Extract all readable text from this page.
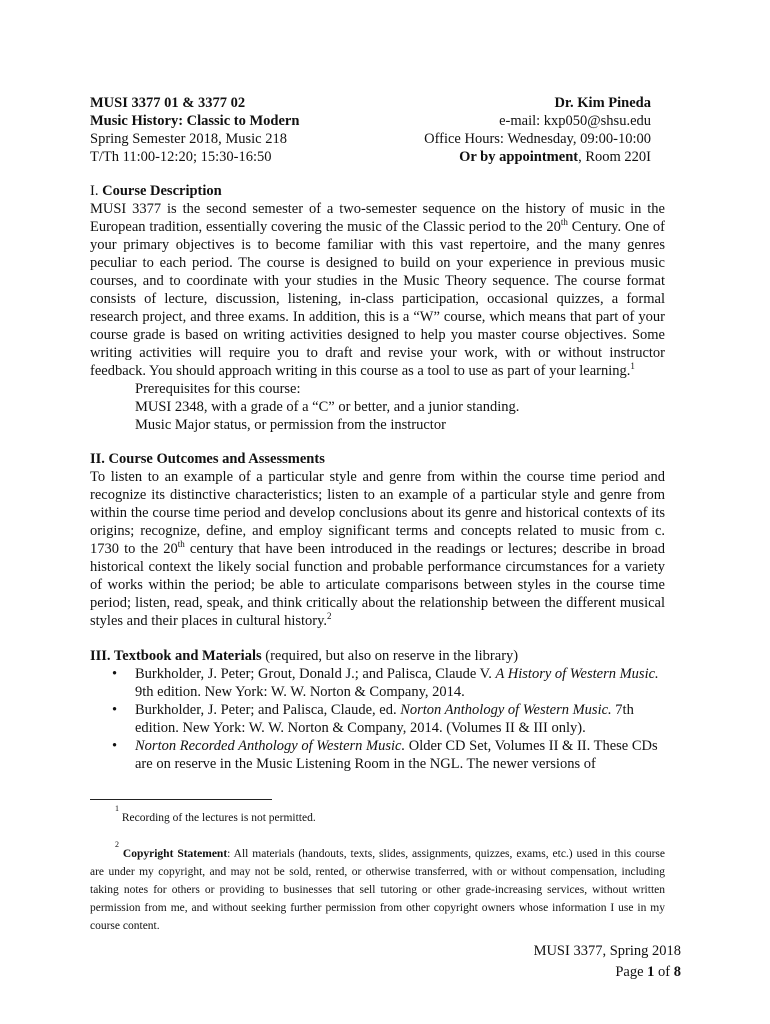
MUSI 3377 01 & 3377 02	Dr. Kim Pineda
Music History: Classic to Modern	e-mail: kxp050@shsu.edu
Spring Semester 2018, Music 218	Office Hours: Wednesday, 09:00-10:00
T/Th 11:00-12:20; 15:30-16:50	Or by appointment, Room 220I

I. Course Description

MUSI 3377 is the second semester of a two-semester sequence on the history of music in the European tradition, essentially covering the music of the Classic period to the 20th Century. One of your primary objectives is to become familiar with this vast repertoire, and the many genres peculiar to each period. The course is designed to build on your experience in previous music courses, and to coordinate with your studies in the Music Theory sequence. The course format consists of lecture, discussion, listening, in-class participation, occasional quizzes, a formal research project, and three exams. In addition, this is a “W” course, which means that part of your course grade is based on writing activities designed to help you master course objectives. Some writing activities will require you to draft and revise your work, with or without instructor feedback. You should approach writing in this course as a tool to use as part of your learning.$^1$

Prerequisites for this course:

MUSI 2348, with a grade of a “C” or better, and a junior standing.

Music Major status, or permission from the instructor

II. Course Outcomes and Assessments

To listen to an example of a particular style and genre from within the course time period and recognize its distinctive characteristics; listen to an example of a particular style and genre from within the course time period and develop conclusions about its genre and historical contexts of its origins; recognize, define, and employ significant terms and concepts related to music from c. 1730 to the 20th century that have been introduced in the readings or lectures; describe in broad historical context the likely social function and probable performance circumstances for a variety of works within the period; be able to articulate comparisons between styles in the course time period; listen, read, speak, and think critically about the relationship between the different musical styles and their places in cultural history.$^2$

III. Textbook and Materials (required, but also on reserve in the library)

• Burkholder, J. Peter; Grout, Donald J.; and Palisca, Claude V. A History of Western Music. 9th edition. New York: W. W. Norton & Company, 2014.
• Burkholder, J. Peter; and Palisca, Claude, ed. Norton Anthology of Western Music. 7th edition. New York: W. W. Norton & Company, 2014. (Volumes II & III only).
• Norton Recorded Anthology of Western Music. Older CD Set, Volumes II & II. These CDs are on reserve in the Music Listening Room in the NGL. The newer versions of

$^1$ Recording of the lectures is not permitted.

$^2$ Copyright Statement: All materials (handouts, texts, slides, assignments, quizzes, exams, etc.) used in this course are under my copyright, and may not be sold, rented, or otherwise transferred, with or without compensation, including taking notes for others or providing to businesses that sell tutoring or other grade-increasing services, without written permission from me, and without seeking further permission from other copyright owners whose information I use in my course content.

MUSI 3377, Spring 2018
Page 1 of 8
